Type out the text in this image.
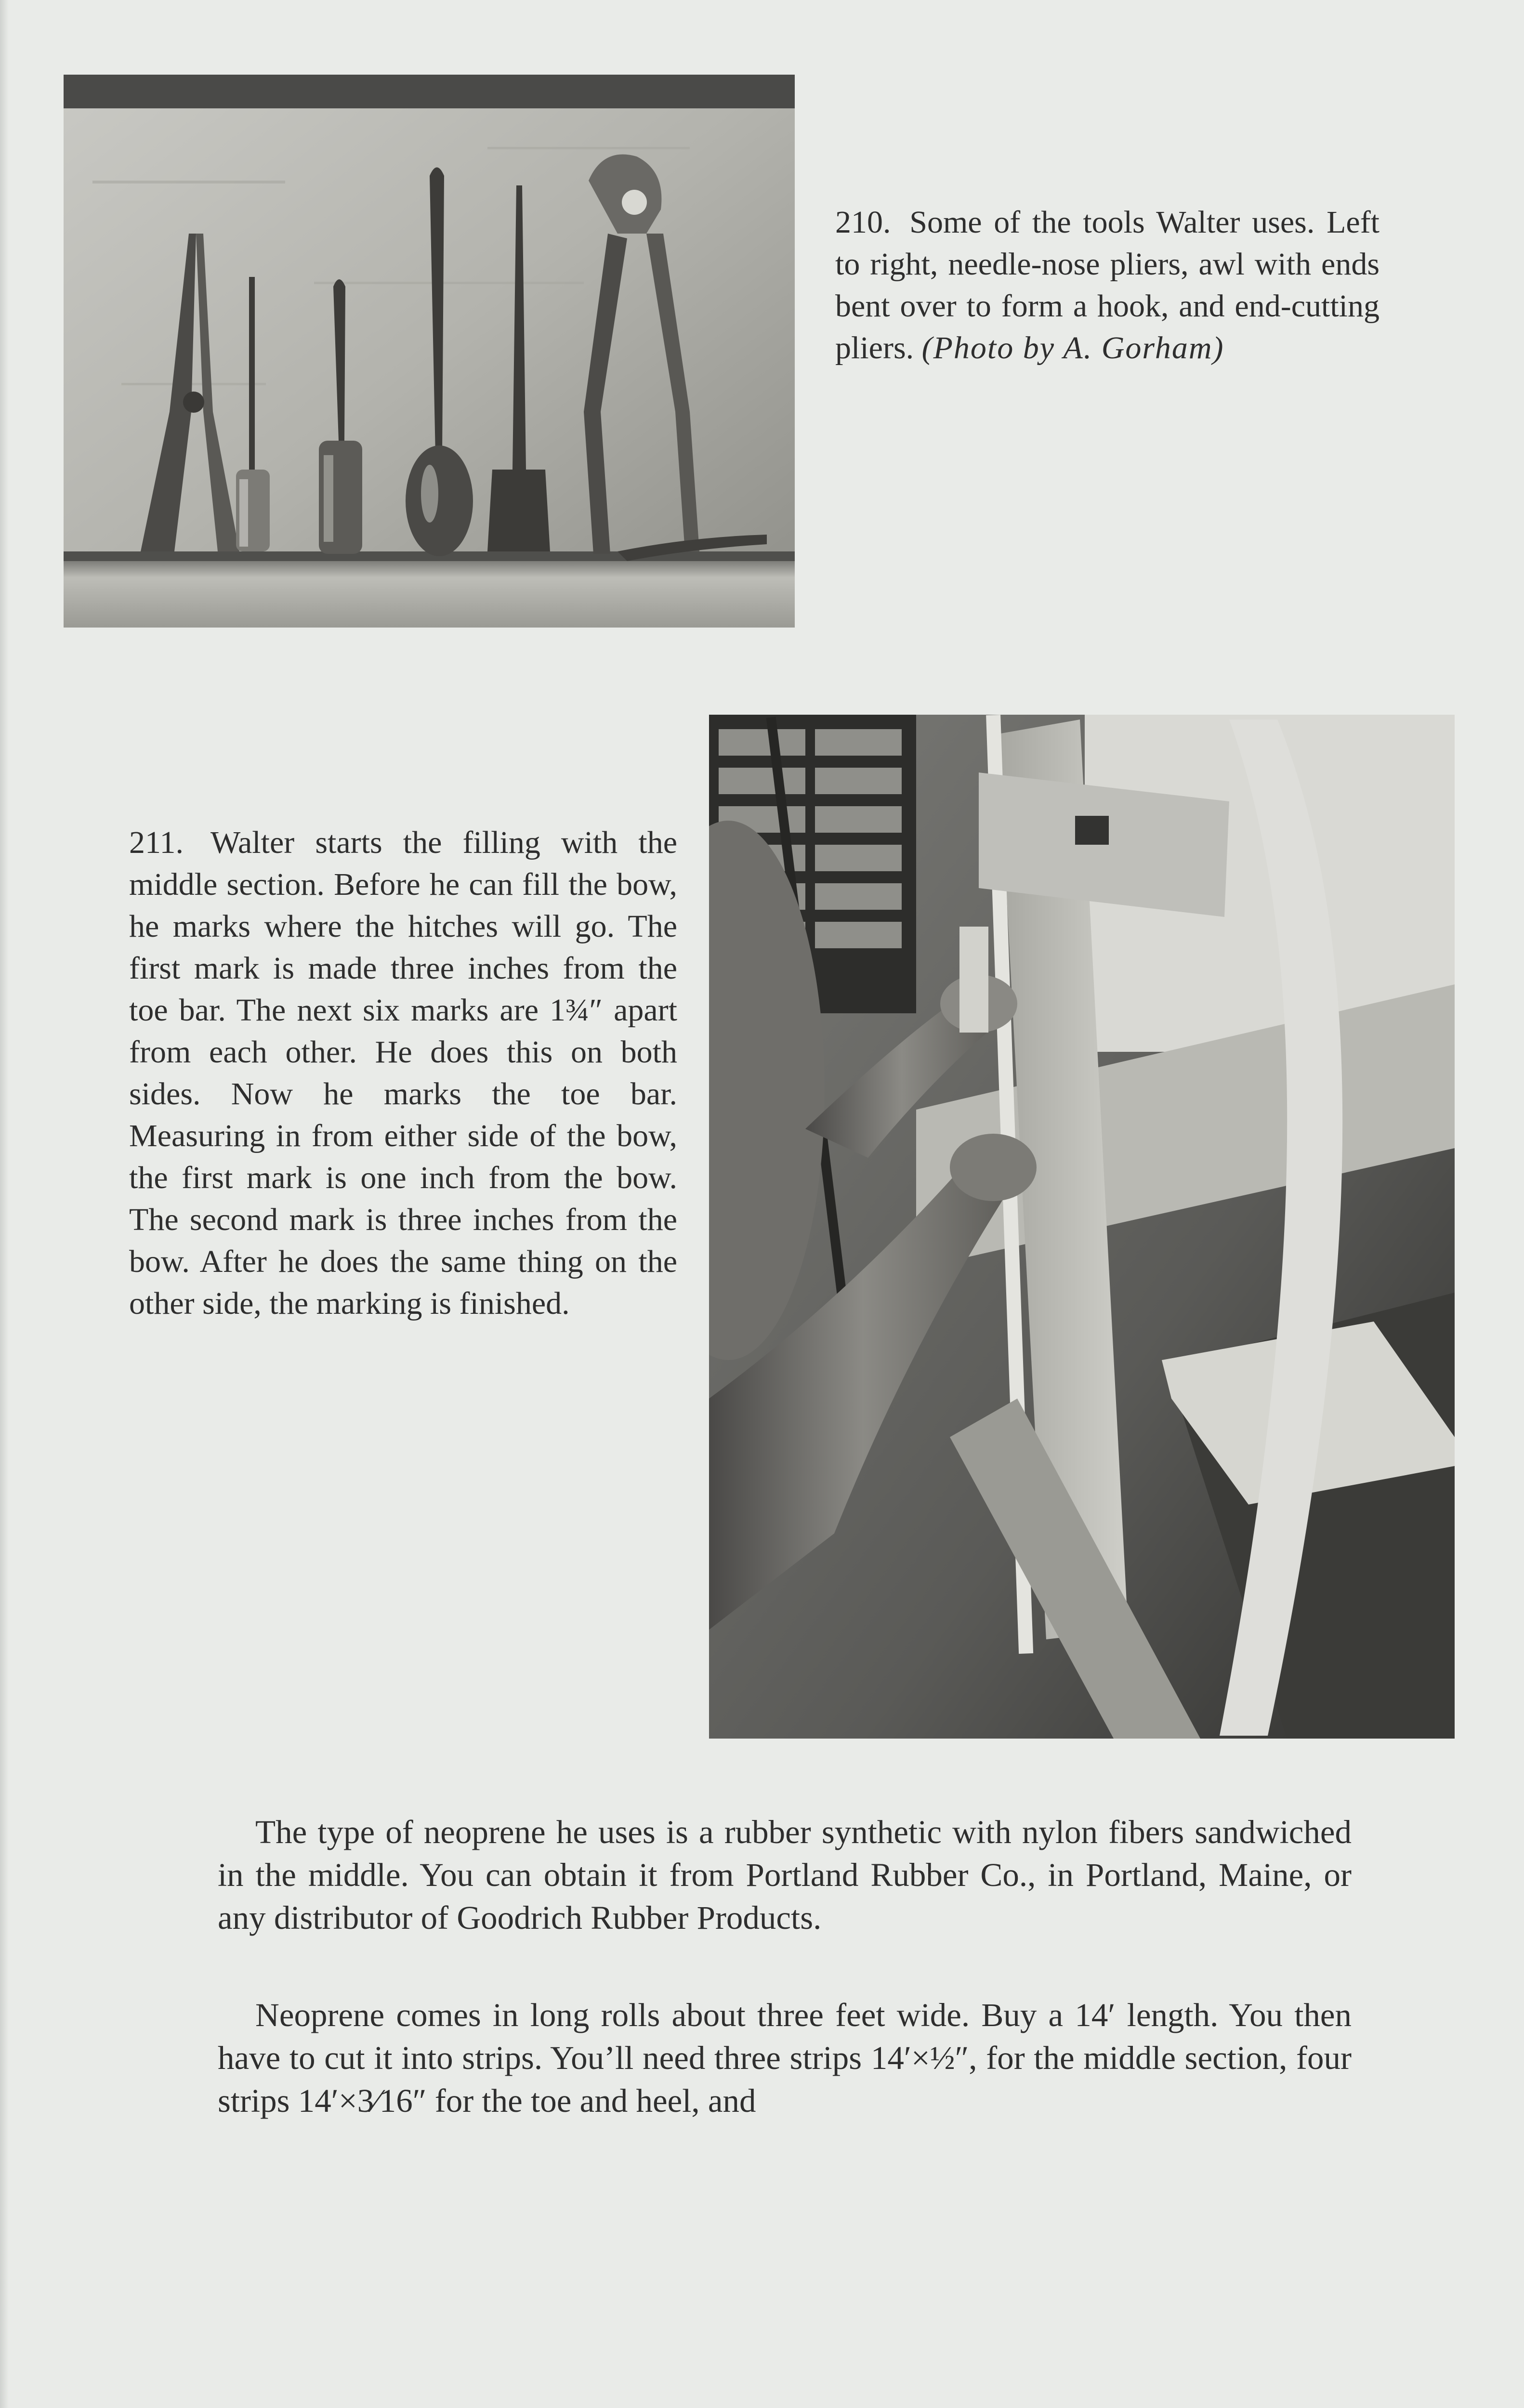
210. Some of the tools Walter uses. Left to right, needle-nose pliers, awl with ends bent over to form a hook, and end-cutting pliers. (Photo by A. Gorham)
211. Walter starts the filling with the middle section. Before he can fill the bow, he marks where the hitches will go. The first mark is made three inches from the toe bar. The next six marks are 1¾″ apart from each other. He does this on both sides. Now he marks the toe bar. Measuring in from either side of the bow, the first mark is one inch from the bow. The second mark is three inches from the bow. After he does the same thing on the other side, the marking is finished.

The type of neoprene he uses is a rubber synthetic with nylon fibers sandwiched in the middle. You can obtain it from Portland Rubber Co., in Portland, Maine, or any distributor of Goodrich Rubber Products.

Neoprene comes in long rolls about three feet wide. Buy a 14′ length. You then have to cut it into strips. You’ll need three strips 14′×½″, for the middle section, four strips 14′×3⁄16″ for the toe and heel, and
